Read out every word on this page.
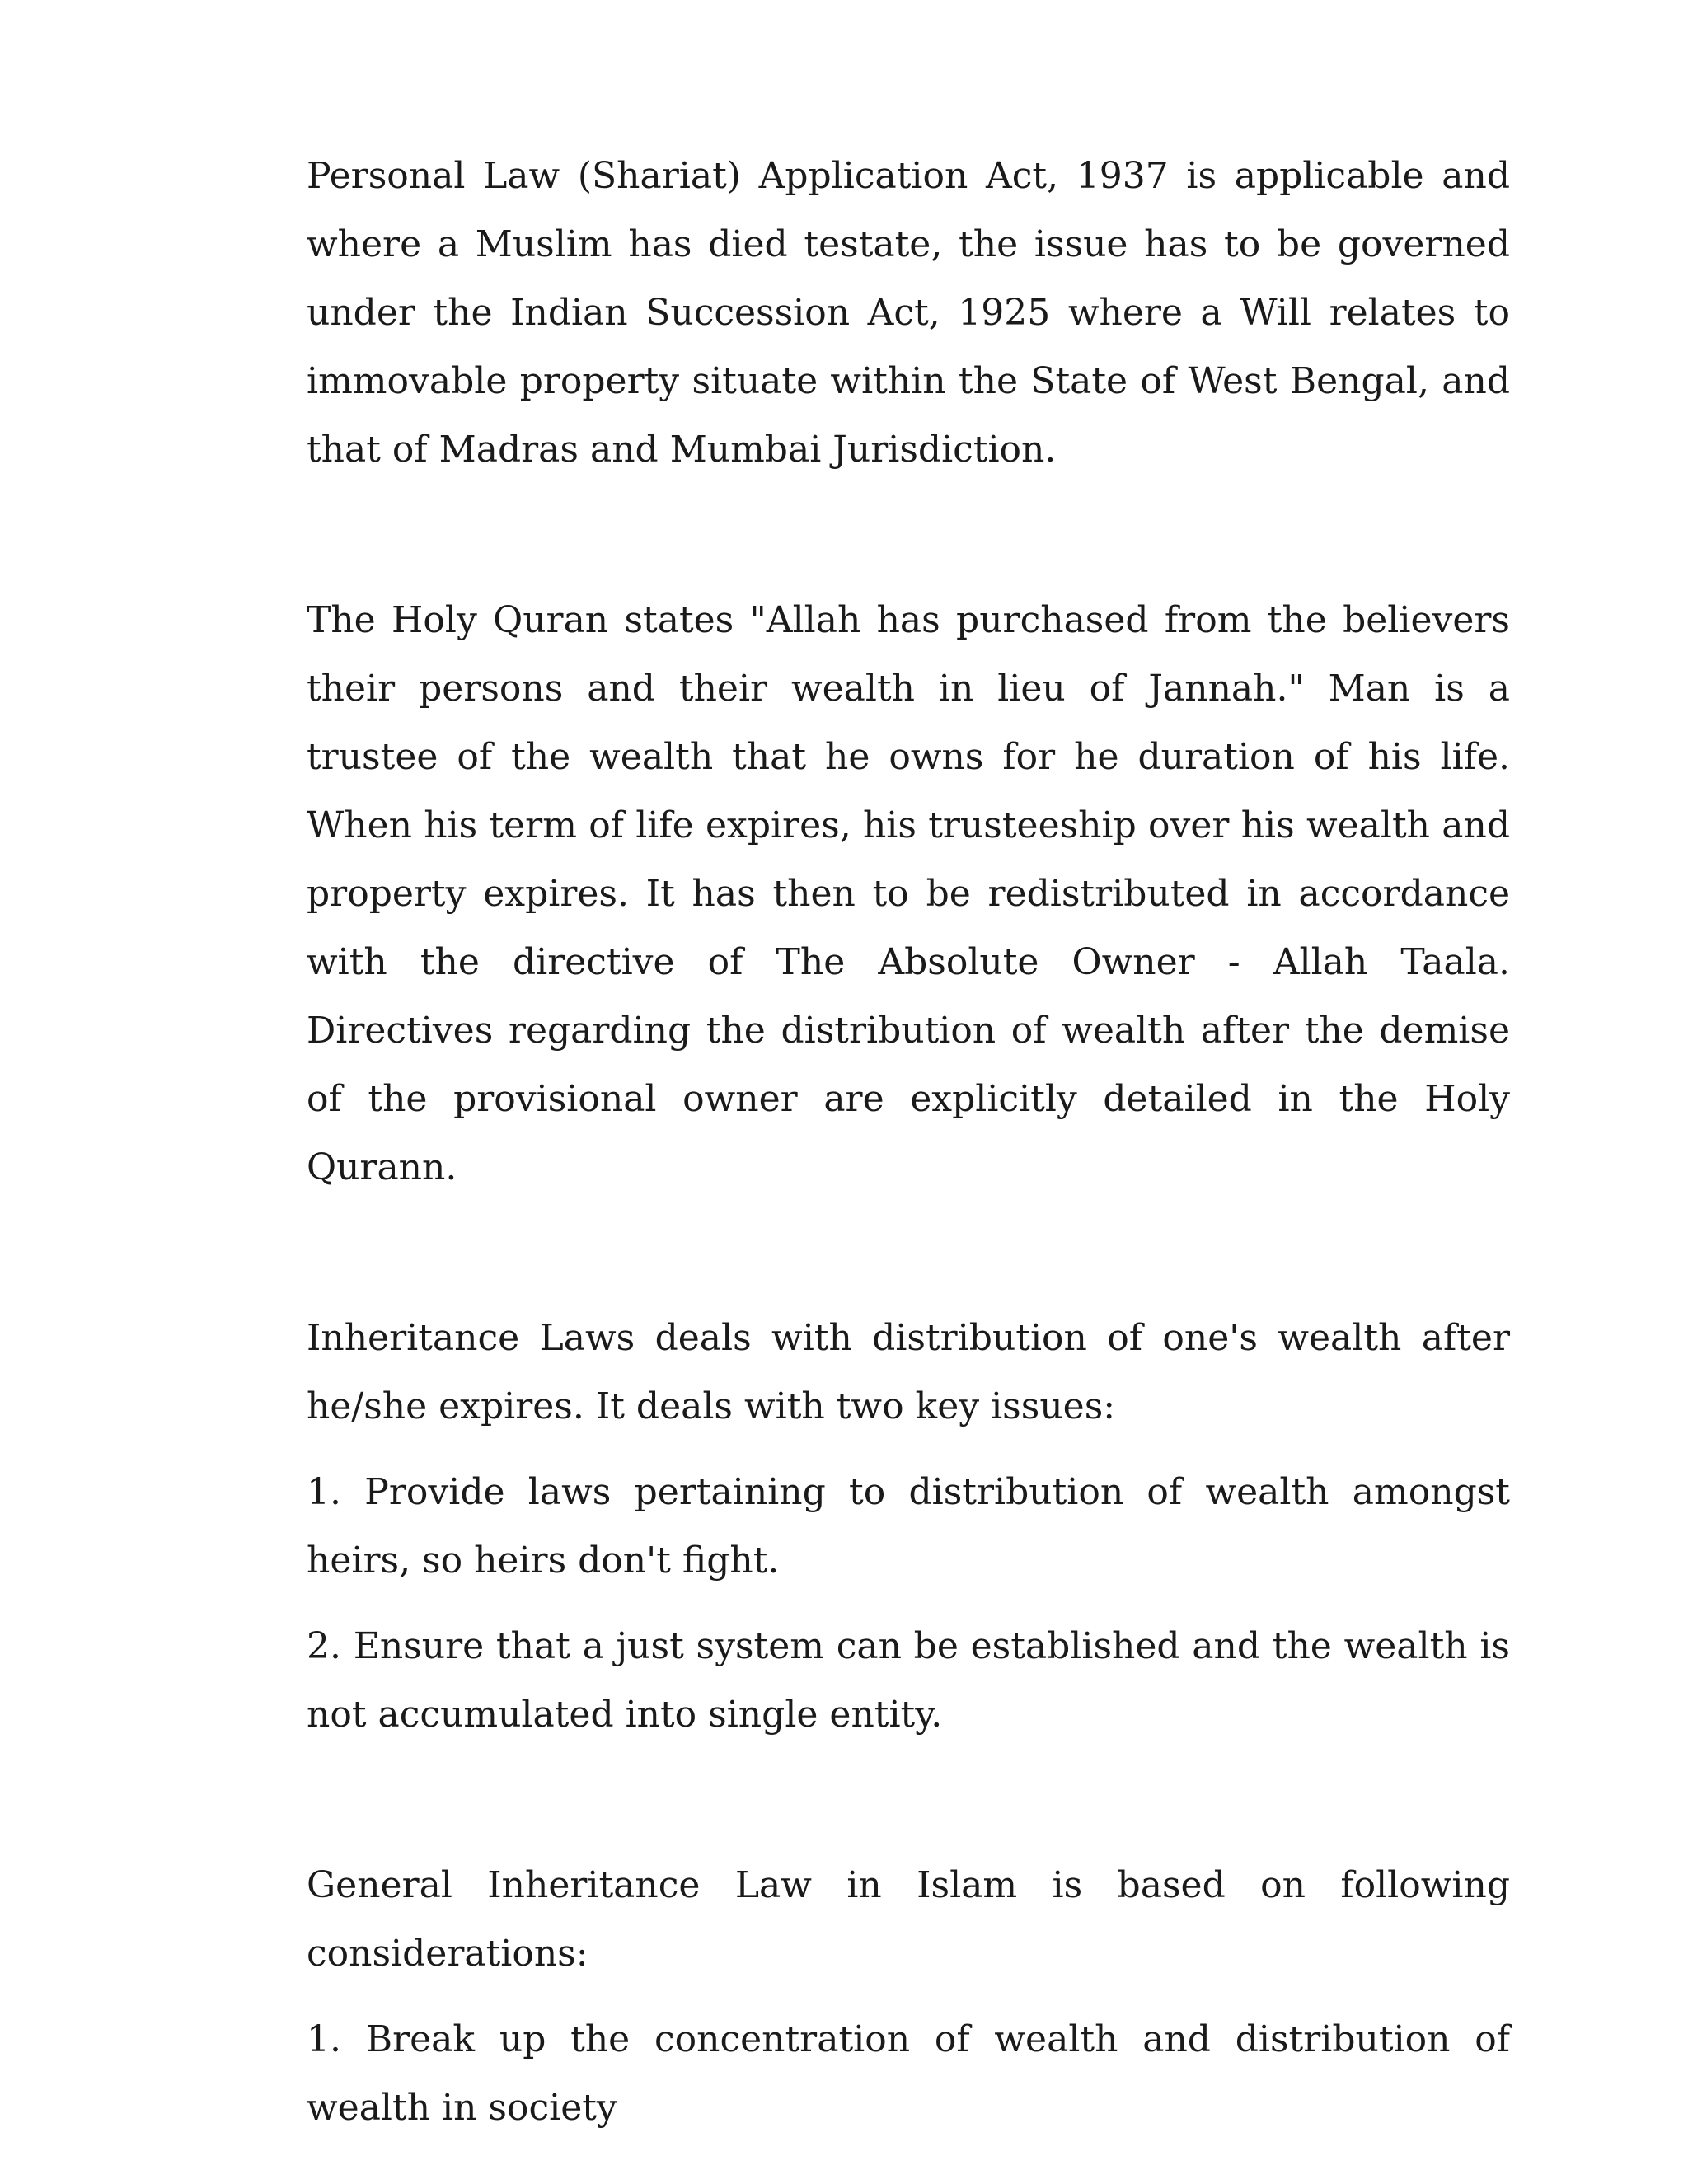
Personal Law (Shariat) Application Act, 1937 is applicable and where a Muslim has died testate, the issue has to be governed under the Indian Succession Act, 1925 where a Will relates to immovable property situate within the State of West Bengal, and that of Madras and Mumbai Jurisdiction.

The Holy Quran states "Allah has purchased from the believers their persons and their wealth in lieu of Jannah." Man is a trustee of the wealth that he owns for he duration of his life. When his term of life expires, his trusteeship over his wealth and property expires. It has then to be redistributed in accordance with the directive of The Absolute Owner - Allah Taala. Directives regarding the distribution of wealth after the demise of the provisional owner are explicitly detailed in the Holy Qurann.

Inheritance Laws deals with distribution of one's wealth after he/she expires. It deals with two key issues:

1. Provide laws pertaining to distribution of wealth amongst heirs, so heirs don't fight.

2. Ensure that a just system can be established and the wealth is not accumulated into single entity.

General Inheritance Law in Islam is based on following considerations:

1. Break up the concentration of wealth and distribution of wealth in society
